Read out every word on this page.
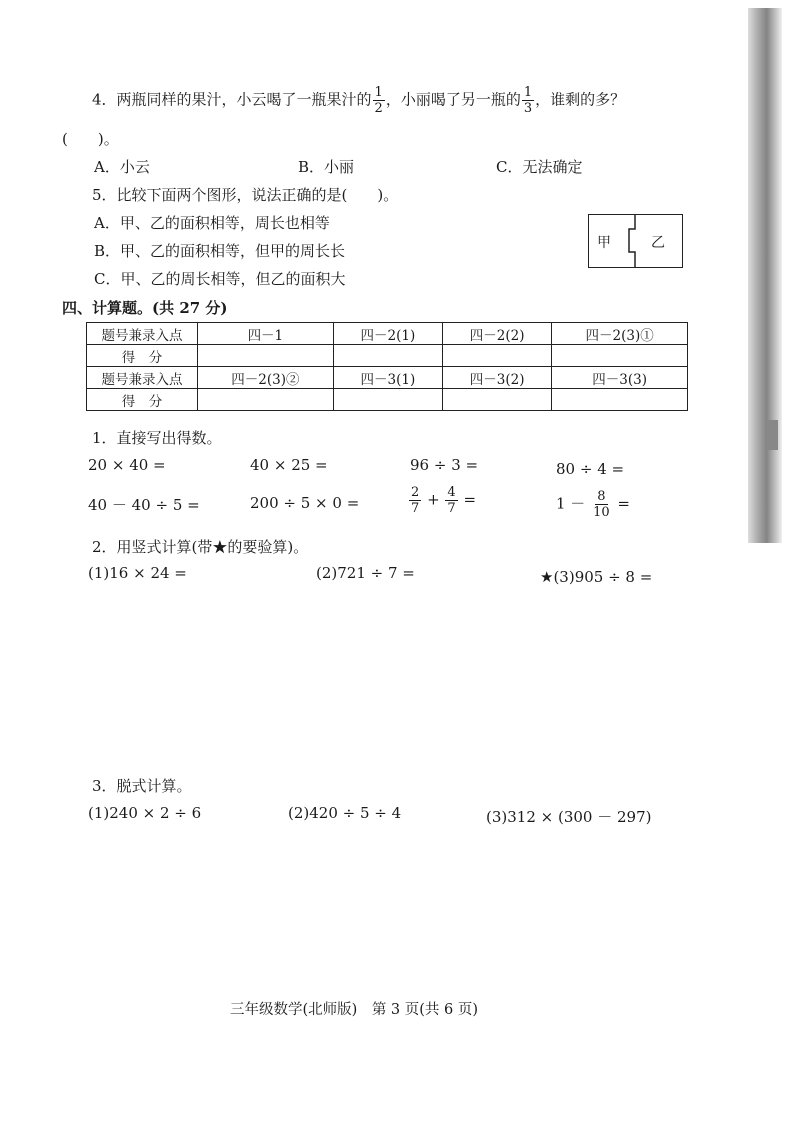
4．两瓶同样的果汁，小云喝了一瓶果汁的 $\frac{1}{2}$ ，小丽喝了另一瓶的 $\frac{1}{3}$ ，谁剩的多？
(　　)。
A．小云	B．小丽	C．无法确定
5．比较下面两个图形，说法正确的是(　　)。
A．甲、乙的面积相等，周长也相等
B．甲、乙的面积相等，但甲的周长长
C．甲、乙的周长相等，但乙的面积大
甲	乙
四、计算题。(共 27 分)
题号兼录入点	四－1	四－2(1)	四－2(2)	四－2(3)①
得　分				
题号兼录入点	四－2(3)②	四－3(1)	四－3(2)	四－3(3)
得　分				
1．直接写出得数。
20 × 40 =	40 × 25 =	96 ÷ 3 =	80 ÷ 4 =
40 － 40 ÷ 5 =	200 ÷ 5 × 0 =	$\frac{2}{7} + \frac{4}{7}$ =	$1 - \frac{8}{10}$ =
2．用竖式计算(带★的要验算)。
(1)16 × 24 =	(2)721 ÷ 7 =	★(3)905 ÷ 8 =
3．脱式计算。
(1)240 × 2 ÷ 6	(2)420 ÷ 5 ÷ 4	(3)312 × (300 － 297)
三年级数学(北师版)　第 3 页(共 6 页)
